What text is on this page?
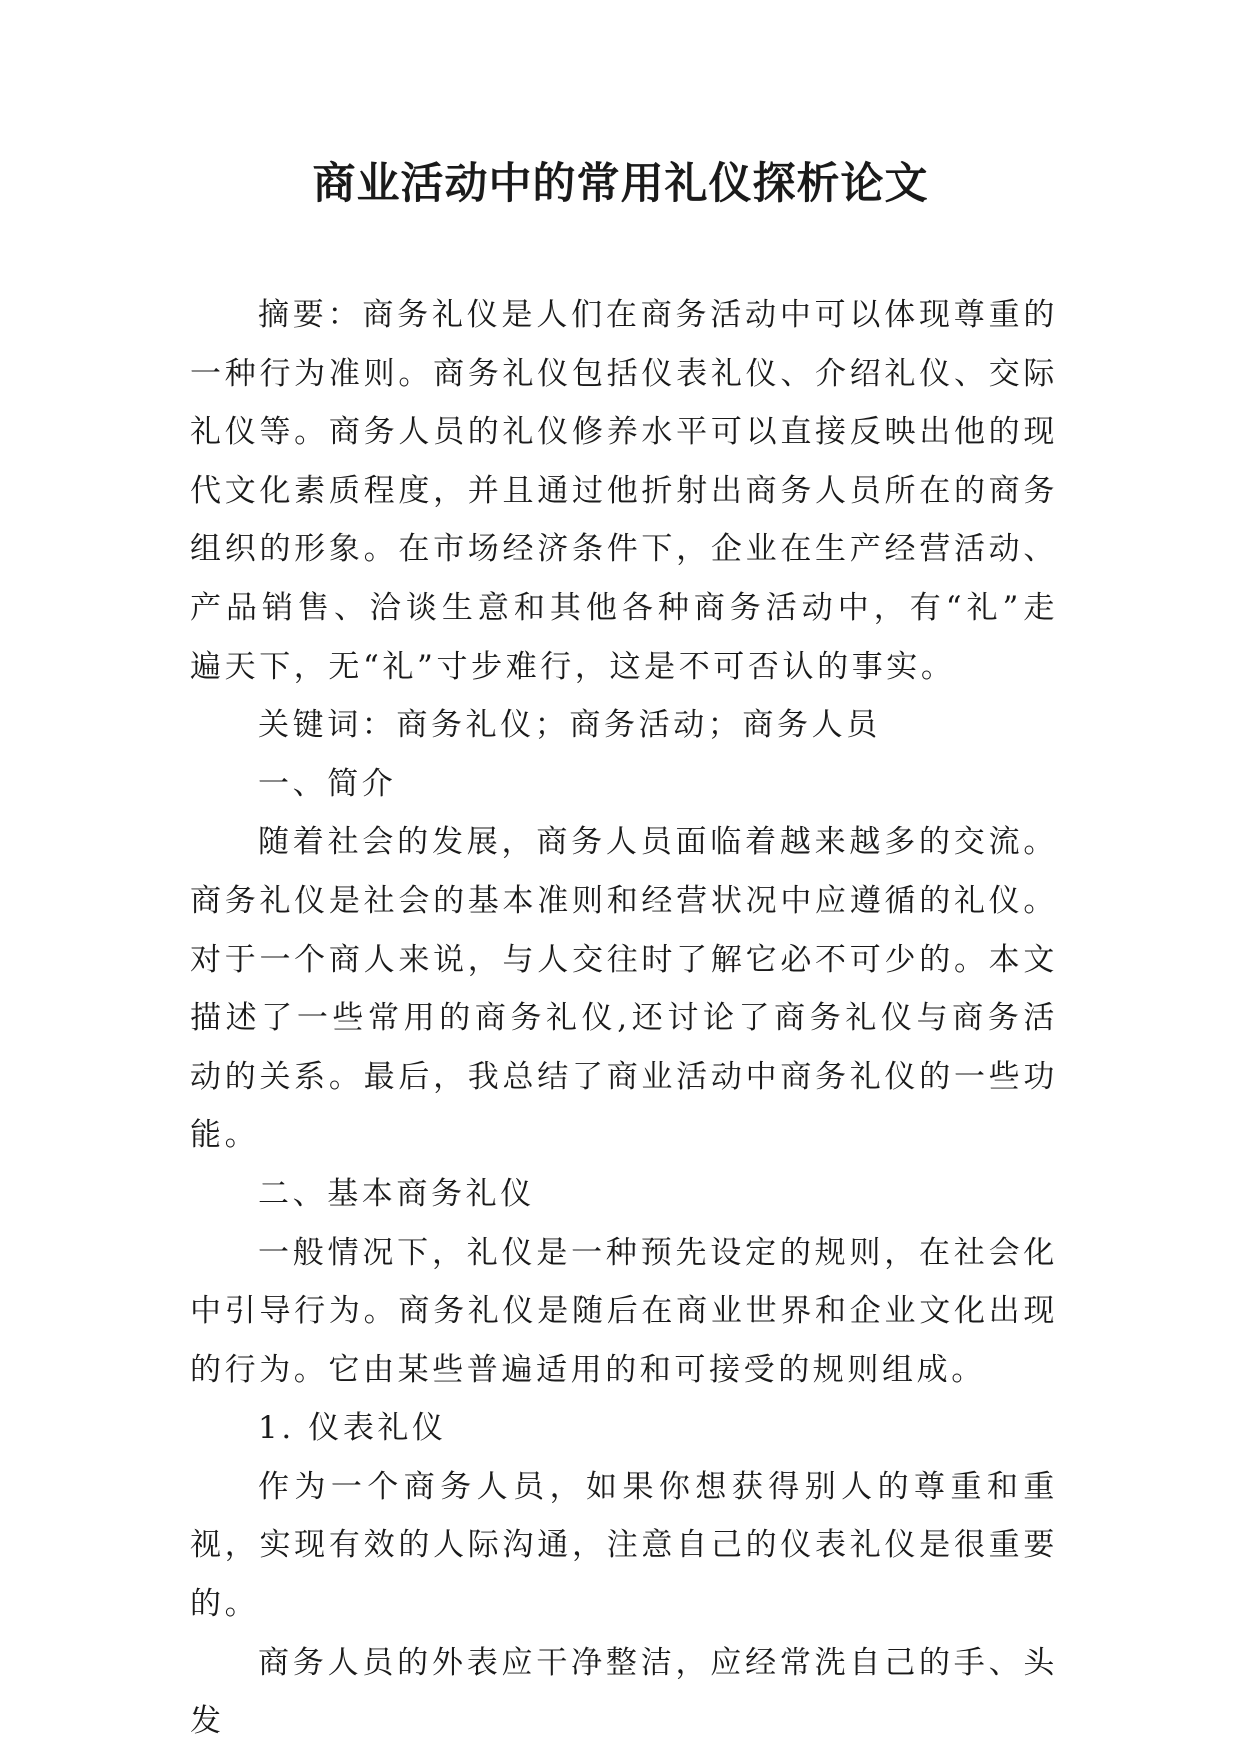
商业活动中的常用礼仪探析论文

摘要：商务礼仪是人们在商务活动中可以体现尊重的一种行为准则。商务礼仪包括仪表礼仪、介绍礼仪、交际礼仪等。商务人员的礼仪修养水平可以直接反映出他的现代文化素质程度，并且通过他折射出商务人员所在的商务组织的形象。在市场经济条件下，企业在生产经营活动、产品销售、洽谈生意和其他各种商务活动中，有“礼”走遍天下，无“礼”寸步难行，这是不可否认的事实。

关键词：商务礼仪；商务活动；商务人员

一、简介

随着社会的发展，商务人员面临着越来越多的交流。商务礼仪是社会的基本准则和经营状况中应遵循的礼仪。对于一个商人来说，与人交往时了解它必不可少的。本文描述了一些常用的商务礼仪,还讨论了商务礼仪与商务活动的关系。最后，我总结了商业活动中商务礼仪的一些功能。

二、基本商务礼仪

一般情况下，礼仪是一种预先设定的规则，在社会化中引导行为。商务礼仪是随后在商业世界和企业文化出现的行为。它由某些普遍适用的和可接受的规则组成。

1. 仪表礼仪

作为一个商务人员，如果你想获得别人的尊重和重视，实现有效的人际沟通，注意自己的仪表礼仪是很重要的。

商务人员的外表应干净整洁，应经常洗自己的手、头发
